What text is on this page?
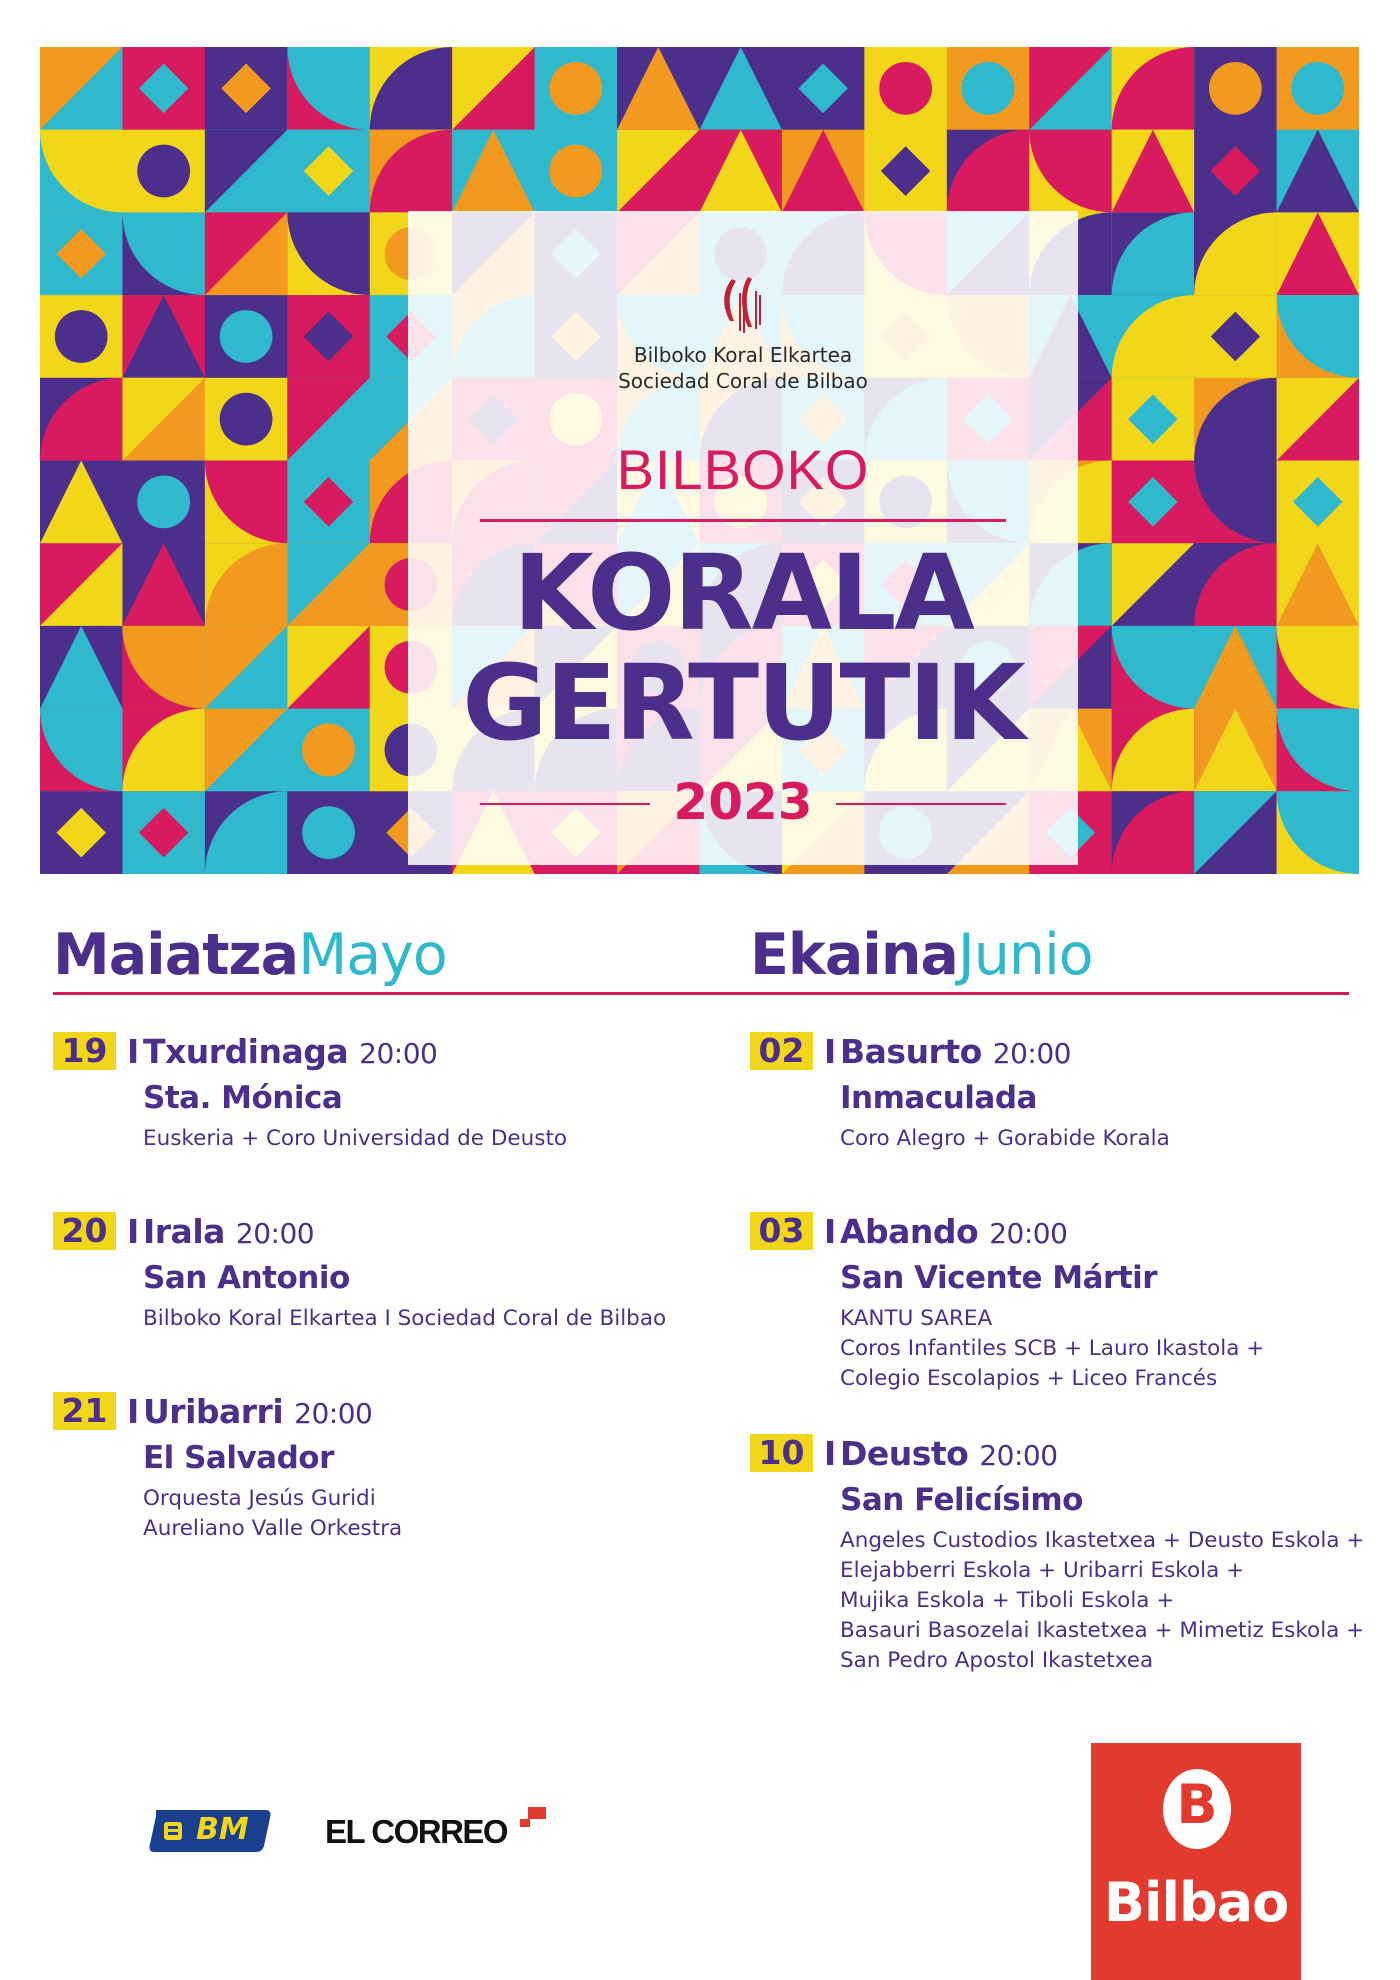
Bilboko Koral Elkartea
Sociedad Coral de Bilbao
BILBOKO
KORALA
GERTUTIK
2023
MaiatzaMayo
19 I Txurdinaga 20:00
Sta. Mónica
Euskeria + Coro Universidad de Deusto
20 I Irala 20:00
San Antonio
Bilboko Koral Elkartea I Sociedad Coral de Bilbao
21 I Uribarri 20:00
El Salvador
Orquesta Jesús Guridi
Aureliano Valle Orkestra
EkainaJunio
02 I Basurto 20:00
Inmaculada
Coro Alegro + Gorabide Korala
03 I Abando 20:00
San Vicente Mártir
KANTU SAREA
Coros Infantiles SCB + Lauro Ikastola +
Colegio Escolapios + Liceo Francés
10 I Deusto 20:00
San Felicísimo
Angeles Custodios Ikastetxea + Deusto Eskola +
Elejabberri Eskola + Uribarri Eskola +
Mujika Eskola + Tiboli Eskola +
Basauri Basozelai Ikastetxea + Mimetiz Eskola +
San Pedro Apostol Ikastetxea
BM EL CORREO	B
Bilbao
